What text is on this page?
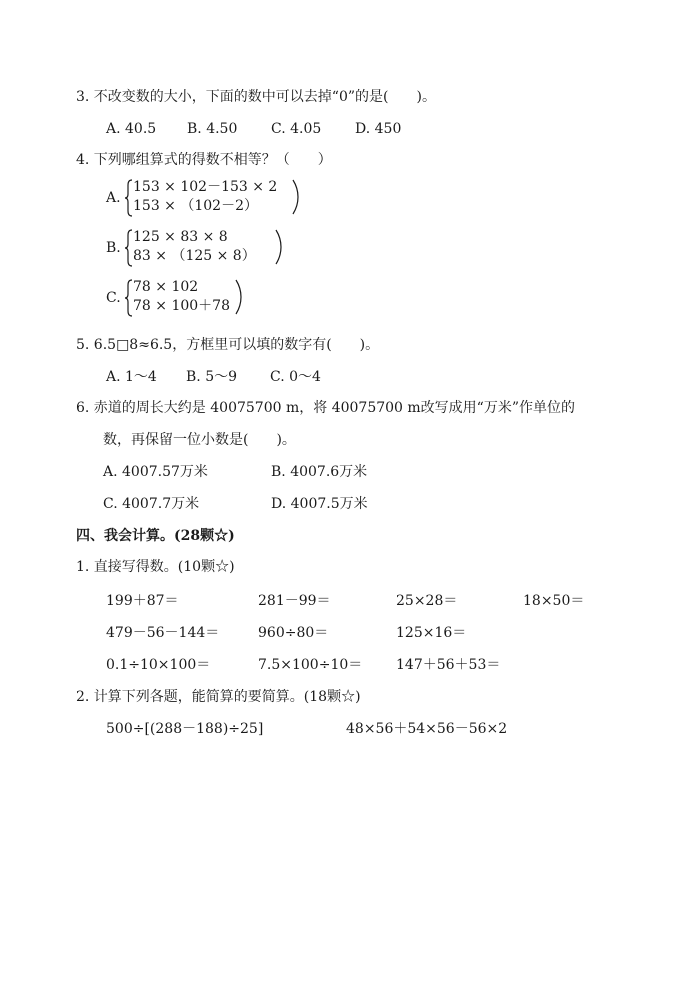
3. 不改变数的大小，下面的数中可以去掉“0”的是(　　)。
A. 40.5 B. 4.50 C. 4.05 D. 450
4. 下列哪组算式的得数不相等？（　　）
A.
153 × 102－153 × 2
153 × （102－2）
B.
125 × 83 × 8
83 × （125 × 8）
C.
78 × 102
78 × 100＋78
5. 6.5□8≈6.5，方框里可以填的数字有(　　)。
A. 1～4 B. 5～9 C. 0～4
6. 赤道的周长大约是 40075700 m，将 40075700 m改写成用“万米”作单位的
数，再保留一位小数是(　　)。
A. 4007.57万米	B. 4007.6万米
C. 4007.7万米	D. 4007.5万米
四、我会计算。(28颗☆)
1. 直接写得数。(10颗☆)
199＋87＝	281－99＝	25×28＝	18×50＝
479－56－144＝	960÷80＝	125×16＝
0.1÷10×100＝	7.5×100÷10＝ 147＋56＋53＝
2. 计算下列各题，能简算的要简算。(18颗☆)
500÷[(288－188)÷25]	48×56＋54×56－56×2
